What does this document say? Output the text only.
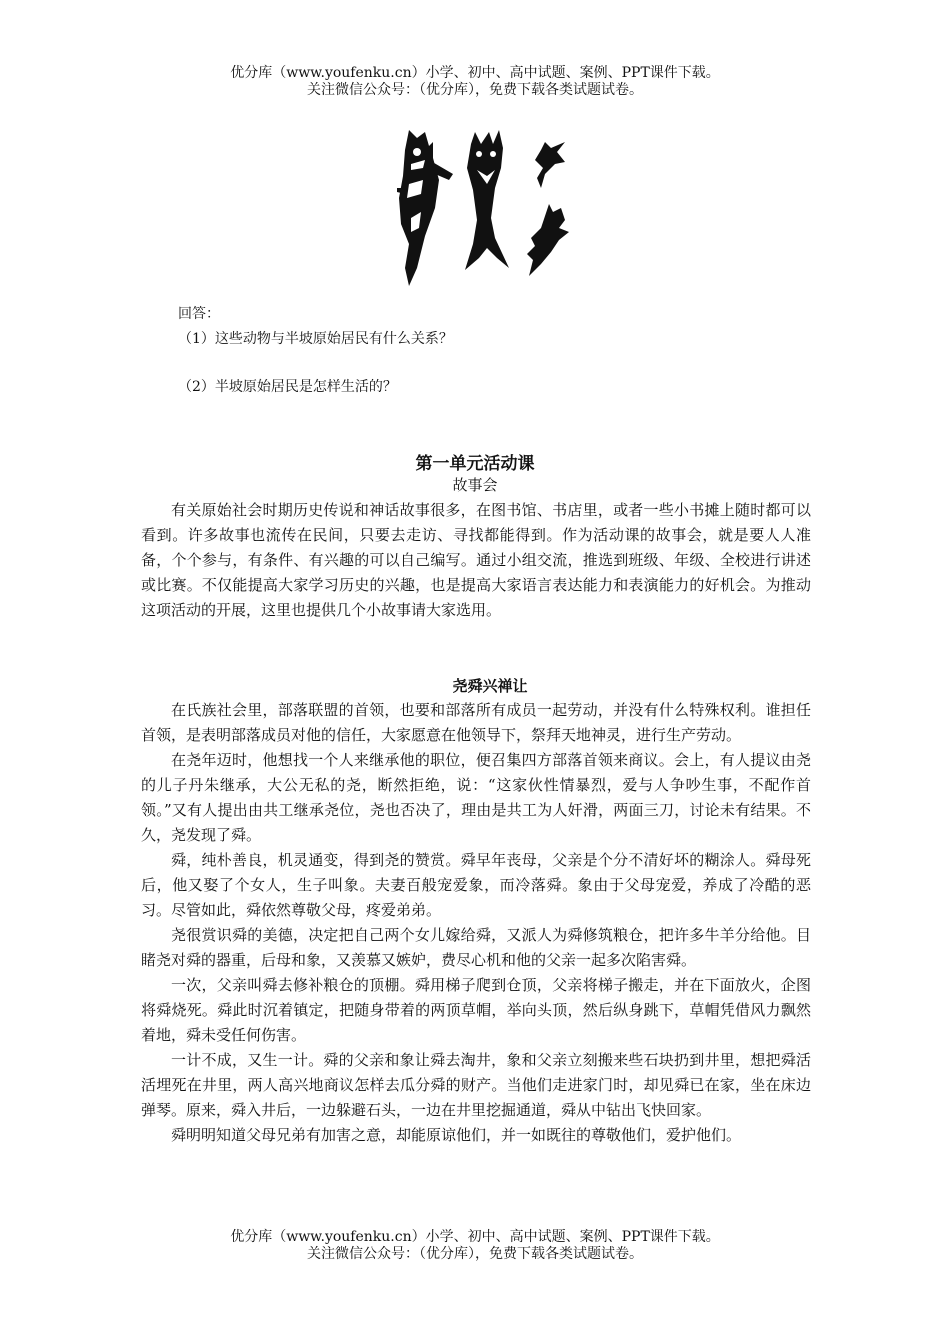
优分库（www.youfenku.cn）小学、初中、高中试题、案例、PPT课件下载。
关注微信公众号：（优分库），免费下载各类试题试卷。
回答：
（1）这些动物与半坡原始居民有什么关系？
（2）半坡原始居民是怎样生活的？
第一单元活动课
故事会

有关原始社会时期历史传说和神话故事很多，在图书馆、书店里，或者一些小书摊上随时都可以看到。许多故事也流传在民间，只要去走访、寻找都能得到。作为活动课的故事会，就是要人人准备，个个参与，有条件、有兴趣的可以自己编写。通过小组交流，推选到班级、年级、全校进行讲述或比赛。不仅能提高大家学习历史的兴趣，也是提高大家语言表达能力和表演能力的好机会。为推动这项活动的开展，这里也提供几个小故事请大家选用。

尧舜兴禅让

在氏族社会里，部落联盟的首领，也要和部落所有成员一起劳动，并没有什么特殊权利。谁担任首领，是表明部落成员对他的信任，大家愿意在他领导下，祭拜天地神灵，进行生产劳动。

在尧年迈时，他想找一个人来继承他的职位，便召集四方部落首领来商议。会上，有人提议由尧的儿子丹朱继承，大公无私的尧，断然拒绝，说：“这家伙性情暴烈，爱与人争吵生事，不配作首领。”又有人提出由共工继承尧位，尧也否决了，理由是共工为人奸滑，两面三刀，讨论未有结果。不久，尧发现了舜。

舜，纯朴善良，机灵通变，得到尧的赞赏。舜早年丧母，父亲是个分不清好坏的糊涂人。舜母死后，他又娶了个女人，生子叫象。夫妻百般宠爱象，而冷落舜。象由于父母宠爱，养成了冷酷的恶习。尽管如此，舜依然尊敬父母，疼爱弟弟。

尧很赏识舜的美德，决定把自己两个女儿嫁给舜，又派人为舜修筑粮仓，把许多牛羊分给他。目睹尧对舜的器重，后母和象，又羡慕又嫉妒，费尽心机和他的父亲一起多次陷害舜。

一次，父亲叫舜去修补粮仓的顶棚。舜用梯子爬到仓顶，父亲将梯子搬走，并在下面放火，企图将舜烧死。舜此时沉着镇定，把随身带着的两顶草帽，举向头顶，然后纵身跳下，草帽凭借风力飘然着地，舜未受任何伤害。

一计不成，又生一计。舜的父亲和象让舜去淘井，象和父亲立刻搬来些石块扔到井里，想把舜活活埋死在井里，两人高兴地商议怎样去瓜分舜的财产。当他们走进家门时，却见舜已在家，坐在床边弹琴。原来，舜入井后，一边躲避石头，一边在井里挖掘通道，舜从中钻出飞快回家。

舜明明知道父母兄弟有加害之意，却能原谅他们，并一如既往的尊敬他们，爱护他们。

优分库（www.youfenku.cn）小学、初中、高中试题、案例、PPT课件下载。
关注微信公众号：（优分库），免费下载各类试题试卷。
